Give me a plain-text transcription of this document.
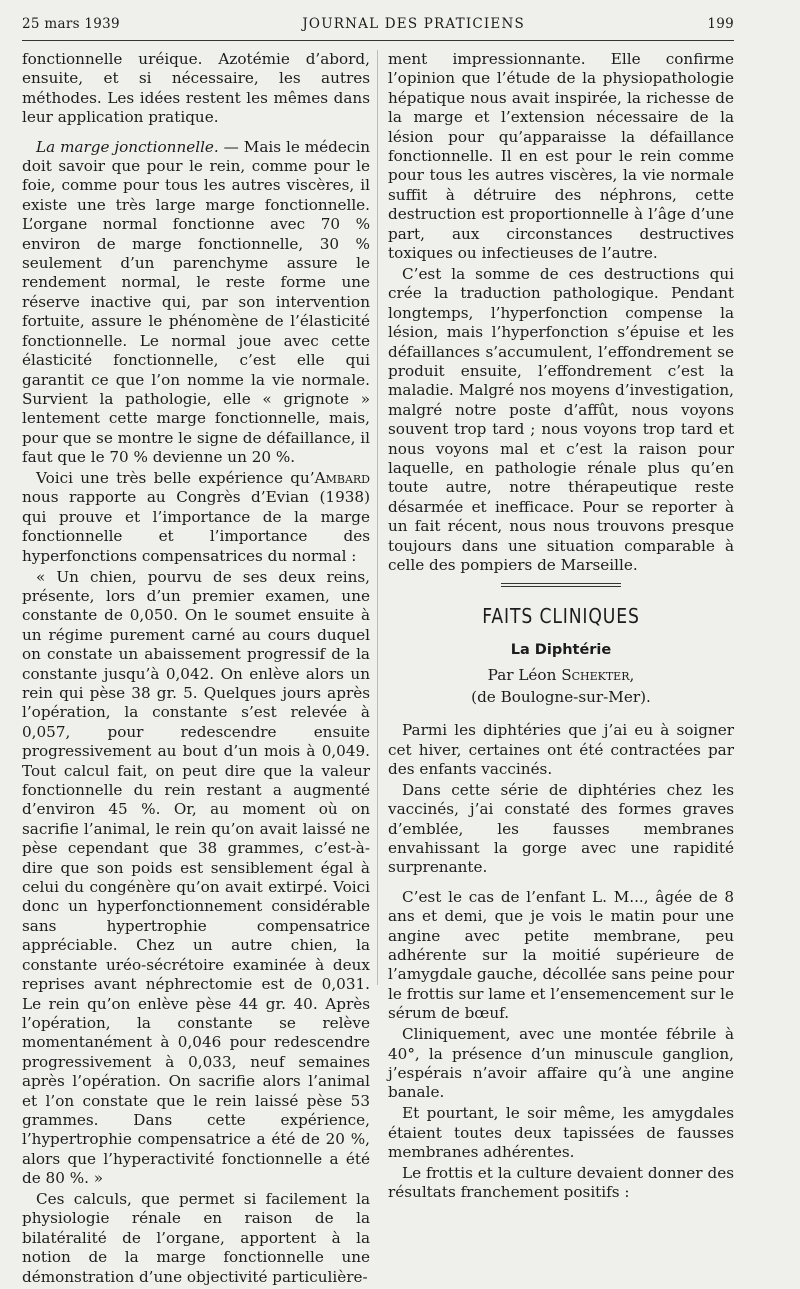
25 mars 1939	JOURNAL DES PRATICIENS	199

fonctionnelle uréique. Azotémie d’abord, ensuite, et si nécessaire, les autres méthodes. Les idées restent les mêmes dans leur application pratique.

La marge jonctionnelle. — Mais le médecin doit savoir que pour le rein, comme pour le foie, comme pour tous les autres viscères, il existe une très large marge fonctionnelle. L’organe normal fonctionne avec 70 % environ de marge fonctionnelle, 30 % seulement d’un parenchyme assure le rendement normal, le reste forme une réserve inactive qui, par son intervention fortuite, assure le phénomène de l’élasticité fonctionnelle. Le normal joue avec cette élasticité fonctionnelle, c’est elle qui garantit ce que l’on nomme la vie normale. Survient la pathologie, elle « grignote » lentement cette marge fonctionnelle, mais, pour que se montre le signe de défaillance, il faut que le 70 % devienne un 20 %.

Voici une très belle expérience qu’Ambard nous rapporte au Congrès d’Evian (1938) qui prouve et l’importance de la marge fonctionnelle et l’importance des hyperfonctions compensatrices du normal :

« Un chien, pourvu de ses deux reins, présente, lors d’un premier examen, une constante de 0,050. On le soumet ensuite à un régime purement carné au cours duquel on constate un abaissement progressif de la constante jusqu’à 0,042. On enlève alors un rein qui pèse 38 gr. 5. Quelques jours après l’opération, la constante s’est relevée à 0,057, pour redescendre ensuite progressivement au bout d’un mois à 0,049. Tout calcul fait, on peut dire que la valeur fonctionnelle du rein restant a augmenté d’environ 45 %. Or, au moment où on sacrifie l’animal, le rein qu’on avait laissé ne pèse cependant que 38 grammes, c’est-à-dire que son poids est sensiblement égal à celui du congénère qu’on avait extirpé. Voici donc un hyperfonctionnement considérable sans hypertrophie compensatrice appréciable. Chez un autre chien, la constante uréo-sécrétoire examinée à deux reprises avant néphrectomie est de 0,031. Le rein qu’on enlève pèse 44 gr. 40. Après l’opération, la constante se relève momentanément à 0,046 pour redescendre progressivement à 0,033, neuf semaines après l’opération. On sacrifie alors l’animal et l’on constate que le rein laissé pèse 53 grammes. Dans cette expérience, l’hypertrophie compensatrice a été de 20 %, alors que l’hyperactivité fonctionnelle a été de 80 %. »

Ces calculs, que permet si facilement la physiologie rénale en raison de la bilatéralité de l’organe, apportent à la notion de la marge fonctionnelle une démonstration d’une objectivité particulière-

ment impressionnante. Elle confirme l’opinion que l’étude de la physiopathologie hépatique nous avait inspirée, la richesse de la marge et l’extension nécessaire de la lésion pour qu’apparaisse la défaillance fonctionnelle. Il en est pour le rein comme pour tous les autres viscères, la vie normale suffit à détruire des néphrons, cette destruction est proportionnelle à l’âge d’une part, aux circonstances destructives toxiques ou infectieuses de l’autre.

C’est la somme de ces destructions qui crée la traduction pathologique. Pendant longtemps, l’hyperfonction compense la lésion, mais l’hyperfonction s’épuise et les défaillances s’accumulent, l’effondrement se produit ensuite, l’effondrement c’est la maladie. Malgré nos moyens d’investigation, malgré notre poste d’affût, nous voyons souvent trop tard ; nous voyons trop tard et nous voyons mal et c’est la raison pour laquelle, en pathologie rénale plus qu’en toute autre, notre thérapeutique reste désarmée et inefficace. Pour se reporter à un fait récent, nous nous trouvons presque toujours dans une situation comparable à celle des pompiers de Marseille.

FAITS CLINIQUES
La Diphtérie
Par Léon Schekter,
(de Boulogne-sur-Mer).

Parmi les diphtéries que j’ai eu à soigner cet hiver, certaines ont été contractées par des enfants vaccinés.

Dans cette série de diphtéries chez les vaccinés, j’ai constaté des formes graves d’emblée, les fausses membranes envahissant la gorge avec une rapidité surprenante.

C’est le cas de l’enfant L. M..., âgée de 8 ans et demi, que je vois le matin pour une angine avec petite membrane, peu adhérente sur la moitié supérieure de l’amygdale gauche, décollée sans peine pour le frottis sur lame et l’ensemencement sur le sérum de bœuf.

Cliniquement, avec une montée fébrile à 40°, la présence d’un minuscule ganglion, j’espérais n’avoir affaire qu’à une angine banale.

Et pourtant, le soir même, les amygdales étaient toutes deux tapissées de fausses membranes adhérentes.

Le frottis et la culture devaient donner des résultats franchement positifs :
